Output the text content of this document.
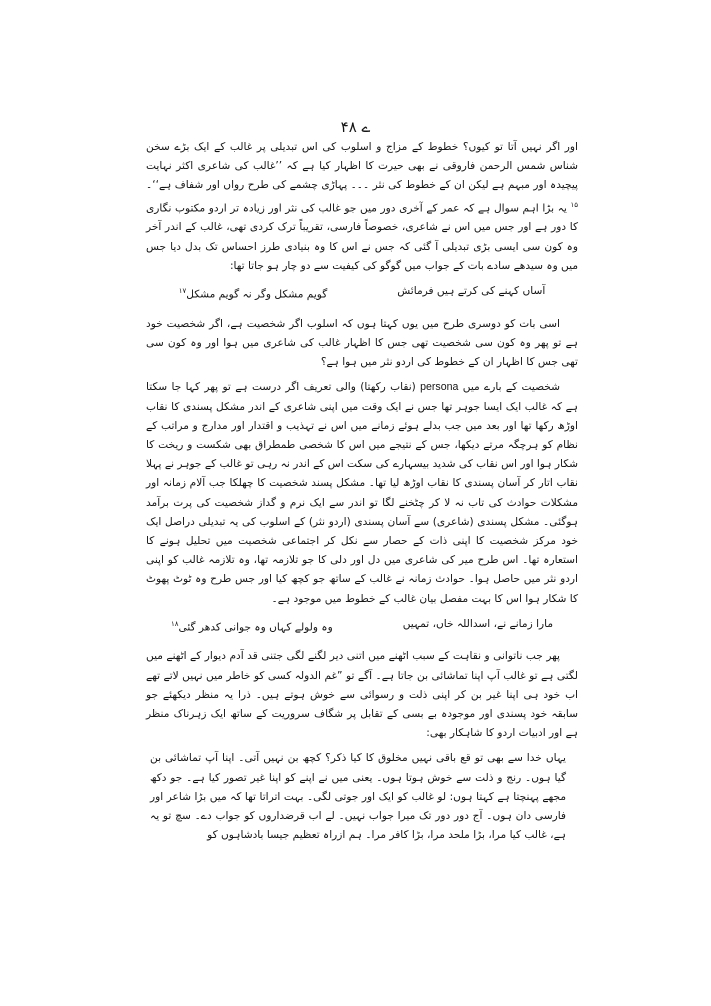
۴۸ ے

اور اگر نہیں آتا تو کیوں؟ خطوط کے مزاج و اسلوب کی اس تبدیلی پر غالب کے ایک بڑے سخن شناس شمس الرحمن فاروقی نے بھی حیرت کا اظہار کیا ہے کہ ’’غالب کی شاعری اکثر نہایت پیچیدہ اور مبہم ہے لیکن ان کے خطوط کی نثر ۔۔۔ پہاڑی چشمے کی طرح رواں اور شفاف ہے‘‘۔$^{۱۵}$ یہ بڑا اہم سوال ہے کہ عمر کے آخری دور میں جو غالب کی نثر اور زیادہ تر اردو مکتوب نگاری کا دور ہے اور جس میں اس نے شاعری، خصوصاً فارسی، تقریباً ترک کردی تھی، غالب کے اندر آخر وہ کون سی ایسی بڑی تبدیلی آ گئی کہ جس نے اس کا وہ بنیادی طرز احساس تک بدل دیا جس میں وہ سیدھے سادے بات کے جواب میں گوگو کی کیفیت سے دو چار ہو جاتا تھا:

آساں کہنے کی کرتے ہیں فرمائش
گویم مشکل وگر نہ گویم مشکل$^{۱۷}$

اسی بات کو دوسری طرح میں یوں کہتا ہوں کہ اسلوب اگر شخصیت ہے، اگر شخصیت خود ہے تو پھر وہ کون سی شخصیت تھی جس کا اظہار غالب کی شاعری میں ہوا اور وہ کون سی تھی جس کا اظہار ان کے خطوط کی اردو نثر میں ہوا ہے؟

شخصیت کے بارے میں persona (نقاب رکھتا) والی تعریف اگر درست ہے تو پھر کہا جا سکتا ہے کہ غالب ایک ایسا جوہر تھا جس نے ایک وقت میں اپنی شاعری کے اندر مشکل پسندی کا نقاب اوڑھ رکھا تھا اور بعد میں جب بدلے ہوئے زمانے میں اس نے تہذیب و اقتدار اور مدارج و مراتب کے نظام کو ہرچگہ مرتے دیکھا، جس کے نتیجے میں اس کا شخصی طمطراق بھی شکست و ریخت کا شکار ہوا اور اس نقاب کی شدید بیسہارے کی سکت اس کے اندر نہ رہی تو غالب کے جوہر نے پہلا نقاب اتار کر آسان پسندی کا نقاب اوڑھ لیا تھا۔ مشکل پسند شخصیت کا چھلکا جب آلام زمانہ اور مشکلات حوادث کی تاب نہ لا کر چٹخنے لگا تو اندر سے ایک نرم و گداز شخصیت کی پرت برآمد ہوگئی۔ مشکل پسندی (شاعری) سے آسان پسندی (اردو نثر) کے اسلوب کی یہ تبدیلی دراصل ایک خود مرکز شخصیت کا اپنی ذات کے حصار سے نکل کر اجتماعی شخصیت میں تحلیل ہونے کا استعارہ تھا۔ اس طرح میر کی شاعری میں دل اور دلی کا جو تلازمہ تھا، وہ تلازمہ غالب کو اپنی اردو نثر میں حاصل ہوا۔ حوادث زمانہ نے غالب کے ساتھ جو کچھ کیا اور جس طرح وہ ٹوٹ پھوٹ کا شکار ہوا اس کا بہت مفصل بیان غالب کے خطوط میں موجود ہے۔

مارا زمانے نے، اسداللہ خاں، تمہیں
وہ ولولے کہاں وہ جوانی کدھر گئی$^{۱۸}$

پھر جب ناتوانی و نقاہت کے سبب اٹھنے میں اتنی دیر لگنے لگی جتنی قد آدم دیوار کے اٹھنے میں لگتی ہے تو غالب آپ اپنا تماشائی بن جاتا ہے۔ آگے تو ”غم الدولہ کسی کو خاطر میں نہیں لاتے تھے اب خود ہی اپنا غیر بن کر اپنی ذلت و رسوائی سے خوش ہوتے ہیں۔ ذرا یہ منظر دیکھئے جو سابقہ خود پسندی اور موجودہ بے بسی کے تقابل پر شگاف سروریت کے ساتھ ایک زہرناک منظر ہے اور ادبیات اردو کا شاہکار بھی:

یہاں خدا سے بھی تو قع باقی نہیں مخلوق کا کیا ذکر؟ کچھ بن نہیں آتی۔ اپنا آپ تماشائی بن گیا ہوں۔ رنج و ذلت سے خوش ہوتا ہوں۔ یعنی میں نے اپنے کو اپنا غیر تصور کیا ہے۔ جو دکھ مجھے پہنچتا ہے کہتا ہوں: لو غالب کو ایک اور جوتی لگی۔ بہت اتراتا تھا کہ میں بڑا شاعر اور فارسی دان ہوں۔ آج دور دور تک میرا جواب نہیں۔ لے اب قرضداروں کو جواب دے۔ سچ تو یہ ہے، غالب کیا مرا، بڑا ملحد مرا، بڑا کافر مرا۔ ہم ازراہ تعظیم جیسا بادشاہوں کو
